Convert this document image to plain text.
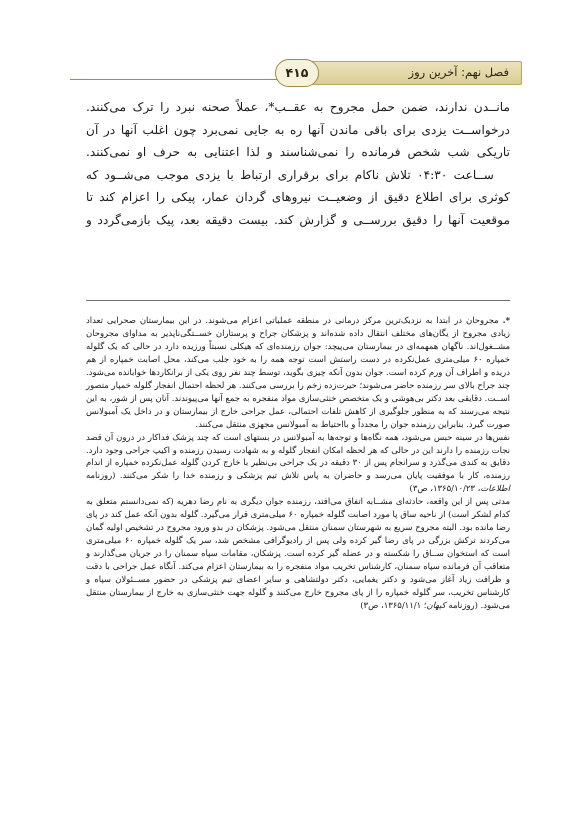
فصل نهم: آخرین روز
۴۱۵

مانــدن ندارند، ضمن حمل مجروح به عقــب*، عملاً صحنه نبرد را ترک می‌کنند. درخواســت یزدی برای باقی ماندن آنها ره به جایی نمی‌برد چون اغلب آنها در آن تاریکی شب شخص فرمانده را نمی‌شناسند و لذا اعتنایی به حرف او نمی‌کنند.

ســاعت ۰۴:۳۰ تلاش ناکام برای برقراری ارتباط با یزدی موجب می‌شــود که کوثری برای اطلاع دقیق از وضعیــت نیروهای گردان عمار، پیکی را اعزام کند تا موقعیت آنها را دقیق بررســی و گزارش کند. بیست دقیقه بعد، پیک بازمی‌گردد و

*. مجروحان در ابتدا به نزدیک‌ترین مرکز درمانی در منطقه عملیاتی اعزام می‌شوند. در این بیمارستان صحرایی تعداد زیادی مجروح از یگان‌های مختلف انتقال داده شده‌اند و پزشکان جراح و پرستاران خســتگی‌ناپذیر به مداوای مجروحان مشــغول‌اند. ناگهان همهمه‌ای در بیمارستان می‌پیچد: جوان رزمنده‌ای که هیکلی نسبتاً ورزیده دارد در حالی که یک گلوله خمپاره ۶۰ میلی‌متری عمل‌نکرده در دست راستش است توجه همه را به خود جلب می‌کند، محل اصابت خمپاره از هم دریده و اطراف آن ورم کرده است. جوان بدون آنکه چیزی بگوید، توسط چند نفر روی یکی از برانکاردها خوابانده می‌شود. چند جراح بالای سر رزمنده حاضر می‌شوند؛ حیرت‌زده زخم را بررسی می‌کنند. هر لحظه احتمال انفجار گلوله خمپار متصور اســت. دقایقی بعد دکتر بی‌هوشی و یک متخصص خنثی‌سازی مواد منفجره به جمع آنها می‌پیوندند. آنان پس از شور، به این نتیجه می‌رسند که به منظور جلوگیری از کاهش تلفات احتمالی، عمل جراحی خارج از بیمارستان و در داخل یک آمبولانس صورت گیرد. بنابراین رزمنده جوان را مجدداً و بااحتیاط به آمبولانس مجهزی منتقل می‌کنند.

نفس‌ها در سینه حبس می‌شود، همه نگاه‌ها و توجه‌ها به آمبولانس در بستهای است که چند پزشک فداکار در درون آن قصد نجات رزمنده را دارند این در حالی که هر لحظه امکان انفجار گلوله و به شهادت رسیدن رزمنده و اکیپ جراحی وجود دارد. دقایق به کندی می‌گذرد و سرانجام پس از ۳۰ دقیقه در یک جراحی بی‌نظیر با خارج کردن گلوله عمل‌نکرده خمپاره از اندام رزمنده، کار با موفقیت پایان می‌رسد و حاضران به پاس تلاش تیم پزشکی و رزمنده خدا را شکر می‌کنند. (روزنامه اطلاعات، ۱۳۶۵/۱۰/۲۳، ص۳)

مدتی پس از این واقعه، حادثه‌ای مشــابه اتفاق می‌افتد، رزمنده جوان دیگری به نام رضا دهریه (که نمی‌دانستم متعلق به کدام لشکر است) از ناحیه ساق پا مورد اصابت گلوله خمپاره ۶۰ میلی‌متری قرار می‌گیرد. گلوله بدون آنکه عمل کند در پای رضا مانده بود. البته مجروح سریع به شهرستان سمنان منتقل می‌شود. پزشکان در بدو ورود مجروح در تشخیص اولیه گمان می‌کردند ترکش بزرگی در پای رضا گیر کرده ولی پس از رادیوگرافی مشخص شد، سر یک گلوله خمپاره ۶۰ میلی‌متری است که استخوان ســاق را شکسته و در عضله گیر کرده است. پزشکان، مقامات سپاه سمنان را در جریان می‌گذارند و متعاقب آن فرمانده سپاه سمنان، کارشناس تخریب مواد منفجره را به بیمارستان اعزام می‌کند. آنگاه عمل جراحی با دقت و ظرافت زیاد آغاز می‌شود و دکتر یغمایی، دکتر دولتشاهی و سایر اعضای تیم پزشکی در حضور مســئولان سپاه و کارشناس تخریب، سر گلوله خمپاره را از پای مجروح خارج می‌کنند و گلوله جهت خنثی‌سازی به خارج از بیمارستان منتقل می‌شود. (روزنامه کیهان؛ ۱۳۶۵/۱۱/۱، ص۳)
